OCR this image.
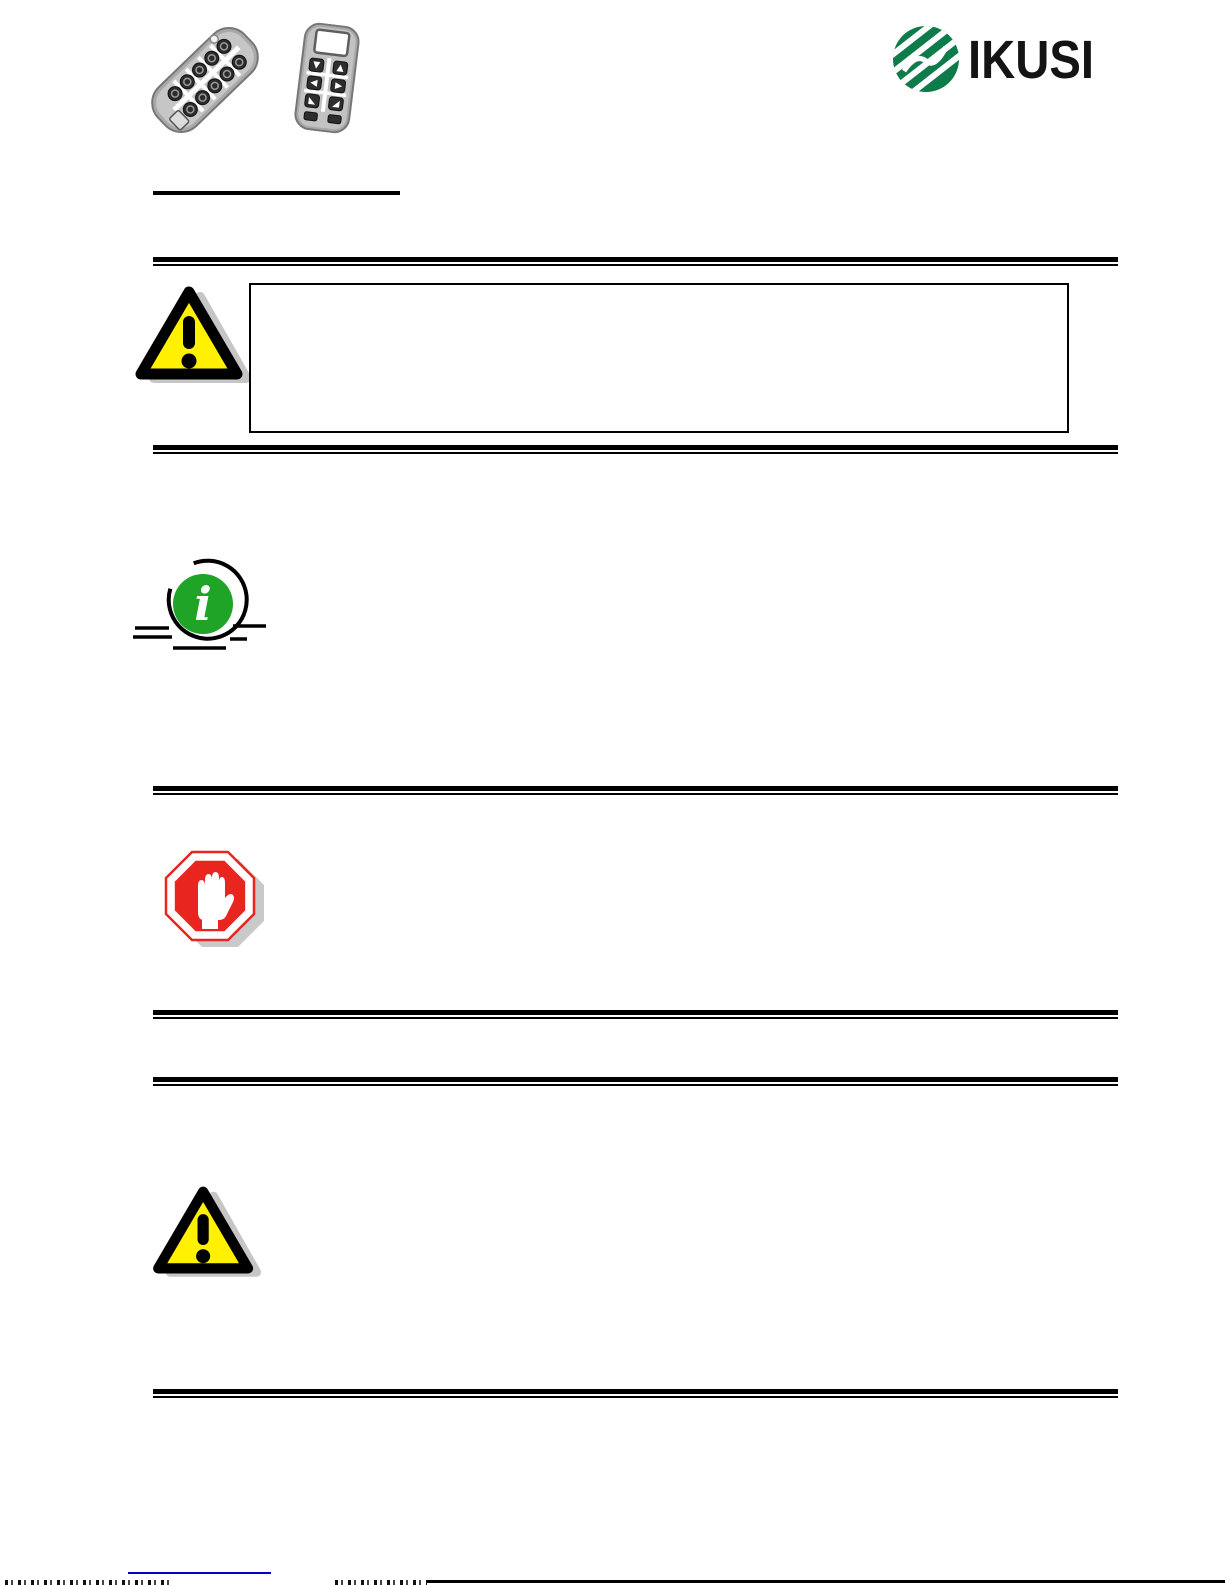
IKUSI
i
